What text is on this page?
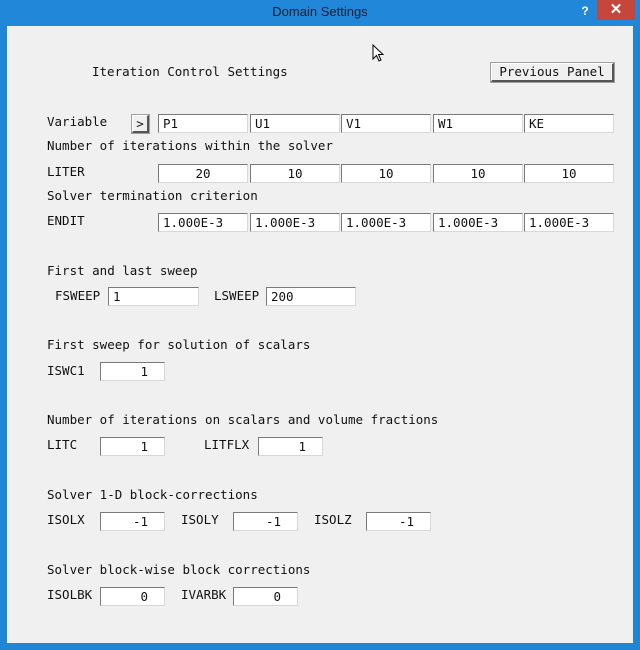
Domain Settings	?	✕
Iteration Control Settings	Previous Panel
Variable	>	P1	U1	V1	W1	KE
Number of iterations within the solver
LITER	20	10	10	10	10
Solver termination criterion
ENDIT	1.000E-3	1.000E-3	1.000E-3	1.000E-3	1.000E-3
First and last sweep
FSWEEP	1	LSWEEP 200
First sweep for solution of scalars
ISWC1	1
Number of iterations on scalars and volume fractions
LITC	1	LITFLX	1
Solver 1-D block-corrections
ISOLX	-1	ISOLY	-1	ISOLZ	-1
Solver block-wise block corrections
ISOLBK	0	IVARBK	0
